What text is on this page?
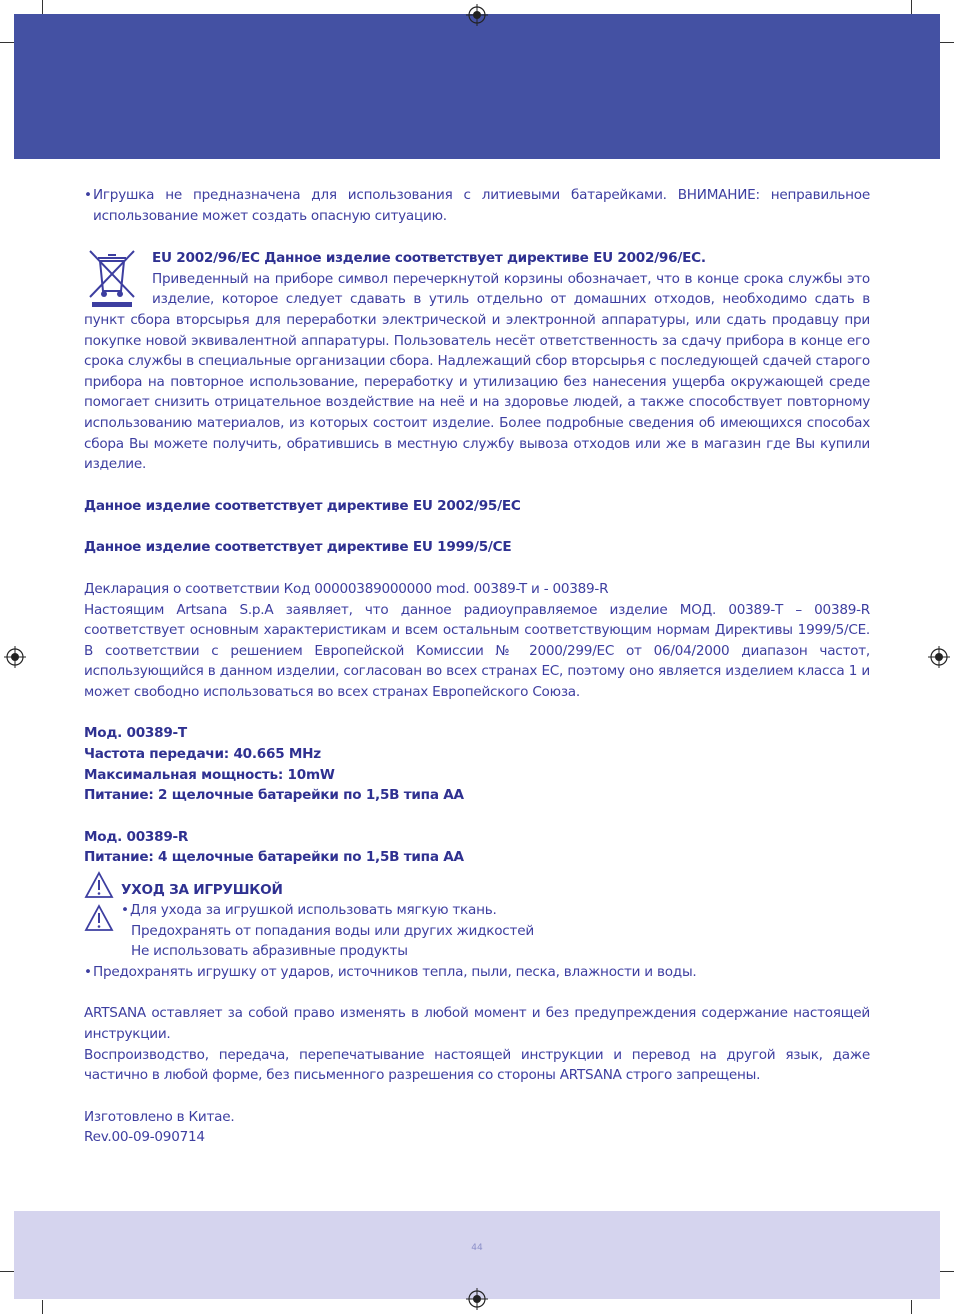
44
• Игрушка не предназначена для использования с литиевыми батарейками. ВНИМАНИЕ: неправильное использование может создать опасную ситуацию.

EU 2002/96/EC Данное изделие соответствует директиве EU 2002/96/EC.

Приведенный на приборе символ перечеркнутой корзины обозначает, что в конце срока службы это изделие, которое следует сдавать в утиль отдельно от домашних отходов, необходимо сдать в пункт сбора вторсырья для переработки электрической и электронной аппаратуры, или сдать продавцу при покупке новой эквивалентной аппаратуры. Пользователь несёт ответственность за сдачу прибора в конце его срока службы в специальные организации сбора. Надлежащий сбор вторсырья с последующей сдачей старого прибора на повторное использование, переработку и утилизацию без нанесения ущерба окружающей среде помогает снизить отрицательное воздействие на неё и на здоровье людей, а также способствует повторному использованию материалов, из которых состоит изделие. Более подробные сведения об имеющихся способах сбора Вы можете получить, обратившись в местную службу вывоза отходов или же в магазин где Вы купили изделие.

Данное изделие соответствует директиве EU 2002/95/EC

Данное изделие соответствует директиве EU 1999/5/CE

Декларация о соответствии Код 00000389000000 mod. 00389-T и - 00389-R

Настоящим Artsana S.p.A заявляет, что данное радиоуправляемое изделие МОД. 00389-T – 00389-R соответствует основным характеристикам и всем остальным соответствующим нормам Директивы 1999/5/CE. В соответствии с решением Европейской Комиссии № 2000/299/EC от 06/04/2000 диапазон частот, использующийся в данном изделии, согласован во всех странах ЕС, поэтому оно является изделием класса 1 и может свободно использоваться во всех странах Европейского Союза.

Мод. 00389-T

Частота передачи: 40.665 MHz

Максимальная мощность: 10mW

Питание: 2 щелочные батарейки по 1,5В типа АА

Мод. 00389-R

Питание: 4 щелочные батарейки по 1,5В типа АА

УХОД ЗА ИГРУШКОЙ

• Для ухода за игрушкой использовать мягкую ткань.

Предохранять от попадания воды или других жидкостей

Не использовать абразивные продукты

• Предохранять игрушку от ударов, источников тепла, пыли, песка, влажности и воды.

ARTSANA оставляет за собой право изменять в любой момент и без предупреждения содержание настоящей инструкции.

Воспроизводство, передача, перепечатывание настоящей инструкции и перевод на другой язык, даже частично в любой форме, без письменного разрешения со стороны ARTSANA строго запрещены.

Изготовлено в Китае.

Rev.00-09-090714
